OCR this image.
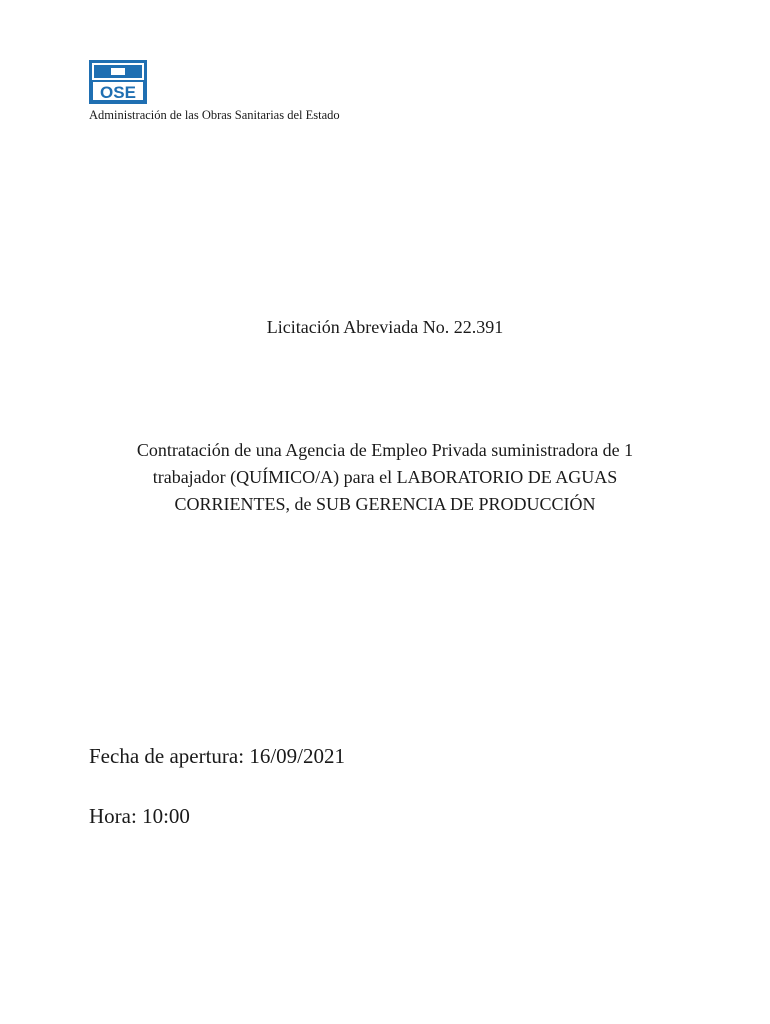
OSE
Administración de las Obras Sanitarias del Estado
Licitación Abreviada No. 22.391
Contratación de una Agencia de Empleo Privada suministradora de 1
trabajador (QUÍMICO/A) para el LABORATORIO DE AGUAS
CORRIENTES, de SUB GERENCIA DE PRODUCCIÓN
Fecha de apertura: 16/09/2021
Hora: 10:00
